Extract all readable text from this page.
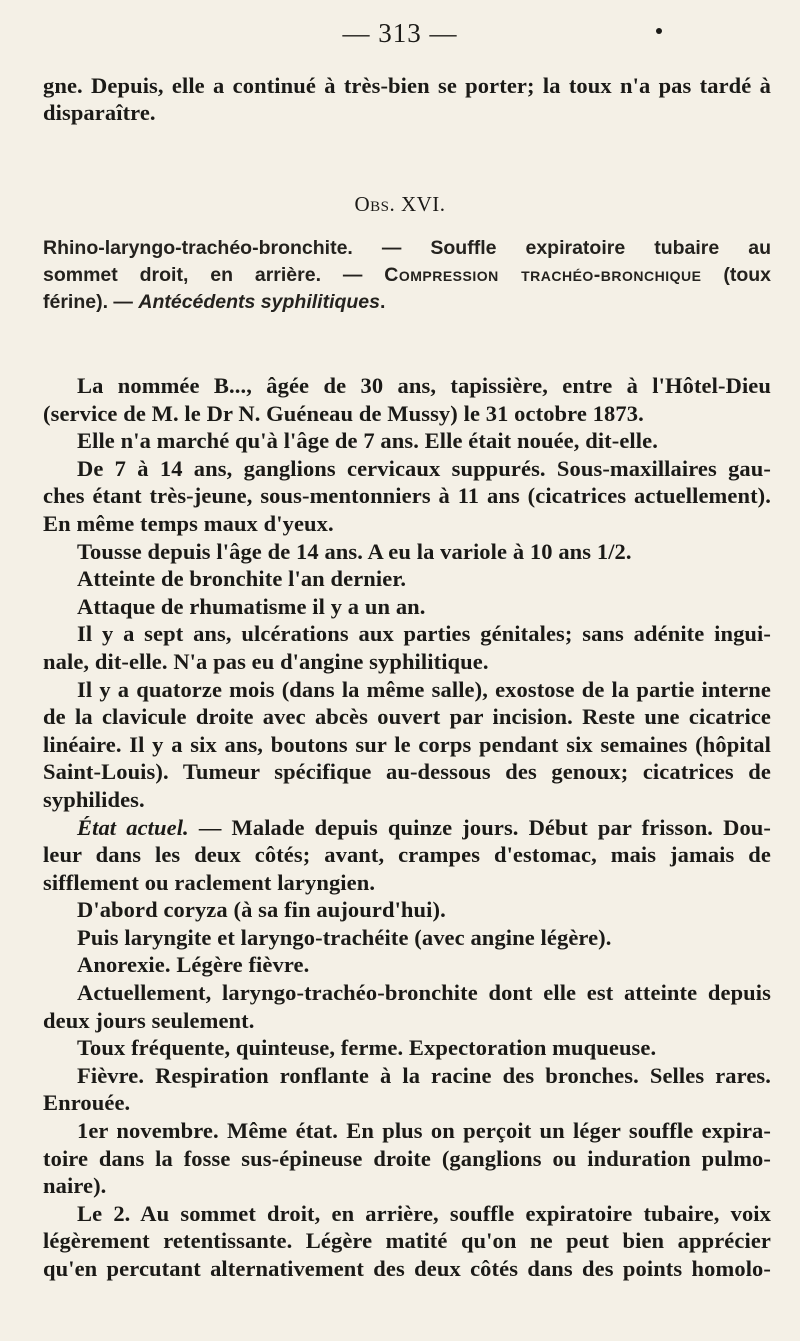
— 313 —
gne. Depuis, elle a continué à très-bien se porter; la toux n'a pas tardé à
disparaître.
Obs. XVI.
Rhino-laryngo-trachéo-bronchite. — Souffle expiratoire tubaire au
sommet droit, en arrière. — Compression trachéo-bronchique (toux
férine). — Antécédents syphilitiques.
La nommée B..., âgée de 30 ans, tapissière, entre à l'Hôtel-Dieu
(service de M. le Dr N. Guéneau de Mussy) le 31 octobre 1873.
Elle n'a marché qu'à l'âge de 7 ans. Elle était nouée, dit-elle.
De 7 à 14 ans, ganglions cervicaux suppurés. Sous-maxillaires gau-
ches étant très-jeune, sous-mentonniers à 11 ans (cicatrices actuellement).
En même temps maux d'yeux.
Tousse depuis l'âge de 14 ans. A eu la variole à 10 ans 1/2.
Atteinte de bronchite l'an dernier.
Attaque de rhumatisme il y a un an.
Il y a sept ans, ulcérations aux parties génitales; sans adénite ingui-
nale, dit-elle. N'a pas eu d'angine syphilitique.
Il y a quatorze mois (dans la même salle), exostose de la partie interne
de la clavicule droite avec abcès ouvert par incision. Reste une cicatrice
linéaire. Il y a six ans, boutons sur le corps pendant six semaines (hôpital
Saint-Louis). Tumeur spécifique au-dessous des genoux; cicatrices de
syphilides.
État actuel. — Malade depuis quinze jours. Début par frisson. Dou-
leur dans les deux côtés; avant, crampes d'estomac, mais jamais de
sifflement ou raclement laryngien.
D'abord coryza (à sa fin aujourd'hui).
Puis laryngite et laryngo-trachéite (avec angine légère).
Anorexie. Légère fièvre.
Actuellement, laryngo-trachéo-bronchite dont elle est atteinte depuis
deux jours seulement.
Toux fréquente, quinteuse, ferme. Expectoration muqueuse.
Fièvre. Respiration ronflante à la racine des bronches. Selles rares.
Enrouée.
1er novembre. Même état. En plus on perçoit un léger souffle expira-
toire dans la fosse sus-épineuse droite (ganglions ou induration pulmo-
naire).
Le 2. Au sommet droit, en arrière, souffle expiratoire tubaire, voix
légèrement retentissante. Légère matité qu'on ne peut bien apprécier
qu'en percutant alternativement des deux côtés dans des points homolo-
